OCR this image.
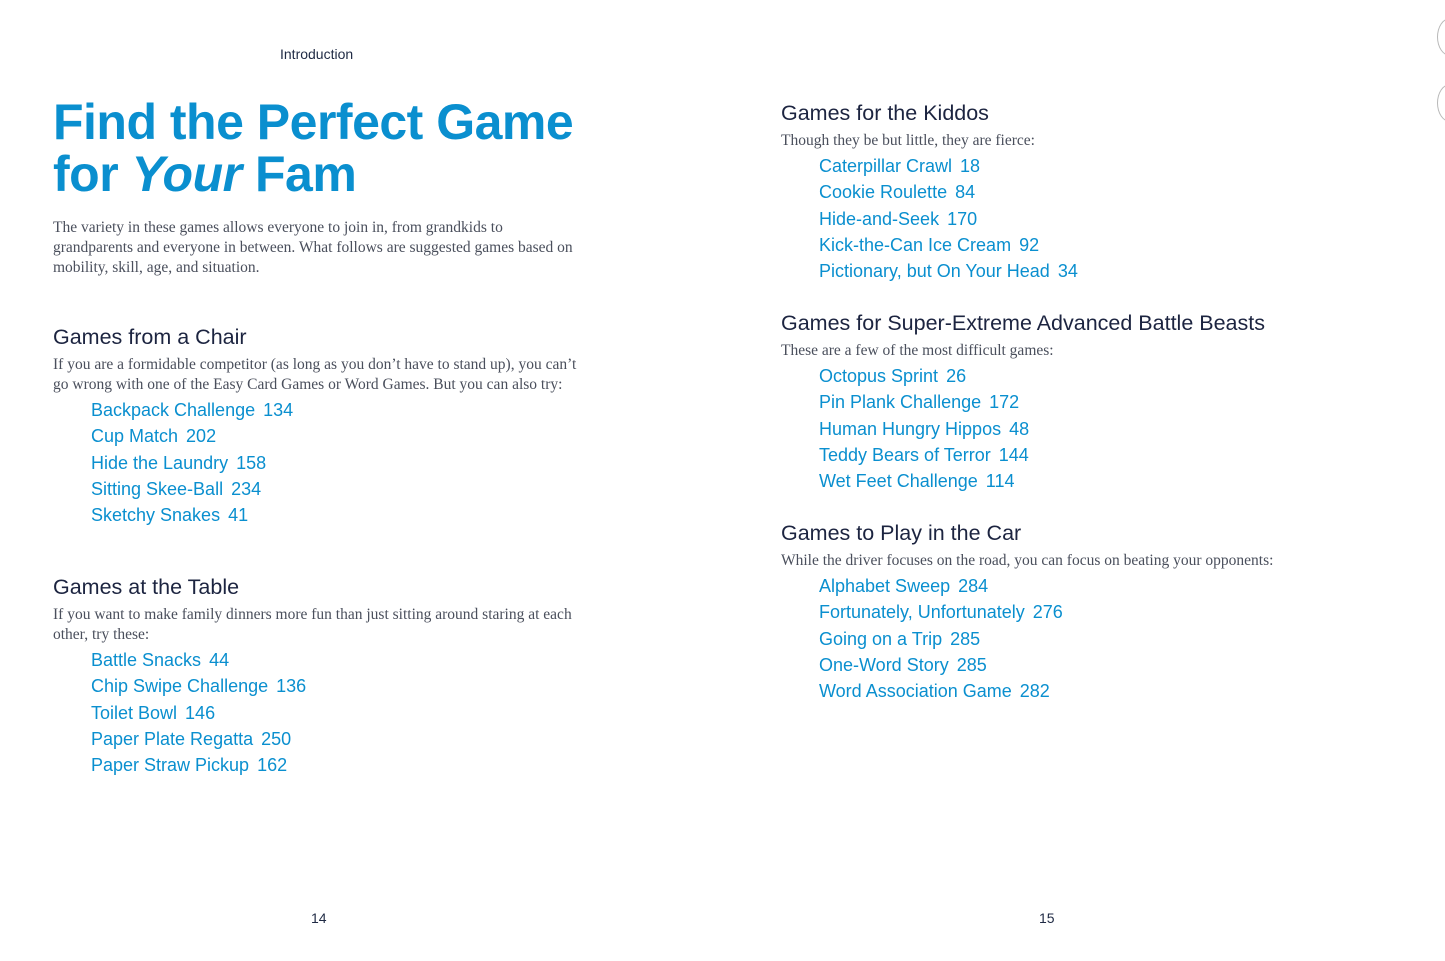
Introduction
Find the Perfect Game
for Your Fam

The variety in these games allows everyone to join in, from grandkids to grandparents and everyone in between. What follows are suggested games based on mobility, skill, age, and situation.

Games from a Chair

If you are a formidable competitor (as long as you don’t have to stand up), you can’t go wrong with one of the Easy Card Games or Word Games. But you can also try:

Backpack Challenge 134
Cup Match 202
Hide the Laundry 158
Sitting Skee-Ball 234
Sketchy Snakes 41
Games at the Table

If you want to make family dinners more fun than just sitting around staring at each other, try these:

Battle Snacks 44
Chip Swipe Challenge 136
Toilet Bowl 146
Paper Plate Regatta 250
Paper Straw Pickup 162
14
Games for the Kiddos

Though they be but little, they are fierce:

Caterpillar Crawl 18
Cookie Roulette 84
Hide-and-Seek 170
Kick-the-Can Ice Cream 92
Pictionary, but On Your Head 34
Games for Super-Extreme Advanced Battle Beasts

These are a few of the most difficult games:

Octopus Sprint 26
Pin Plank Challenge 172
Human Hungry Hippos 48
Teddy Bears of Terror 144
Wet Feet Challenge 114
Games to Play in the Car

While the driver focuses on the road, you can focus on beating your opponents:

Alphabet Sweep 284
Fortunately, Unfortunately 276
Going on a Trip 285
One-Word Story 285
Word Association Game 282
15
